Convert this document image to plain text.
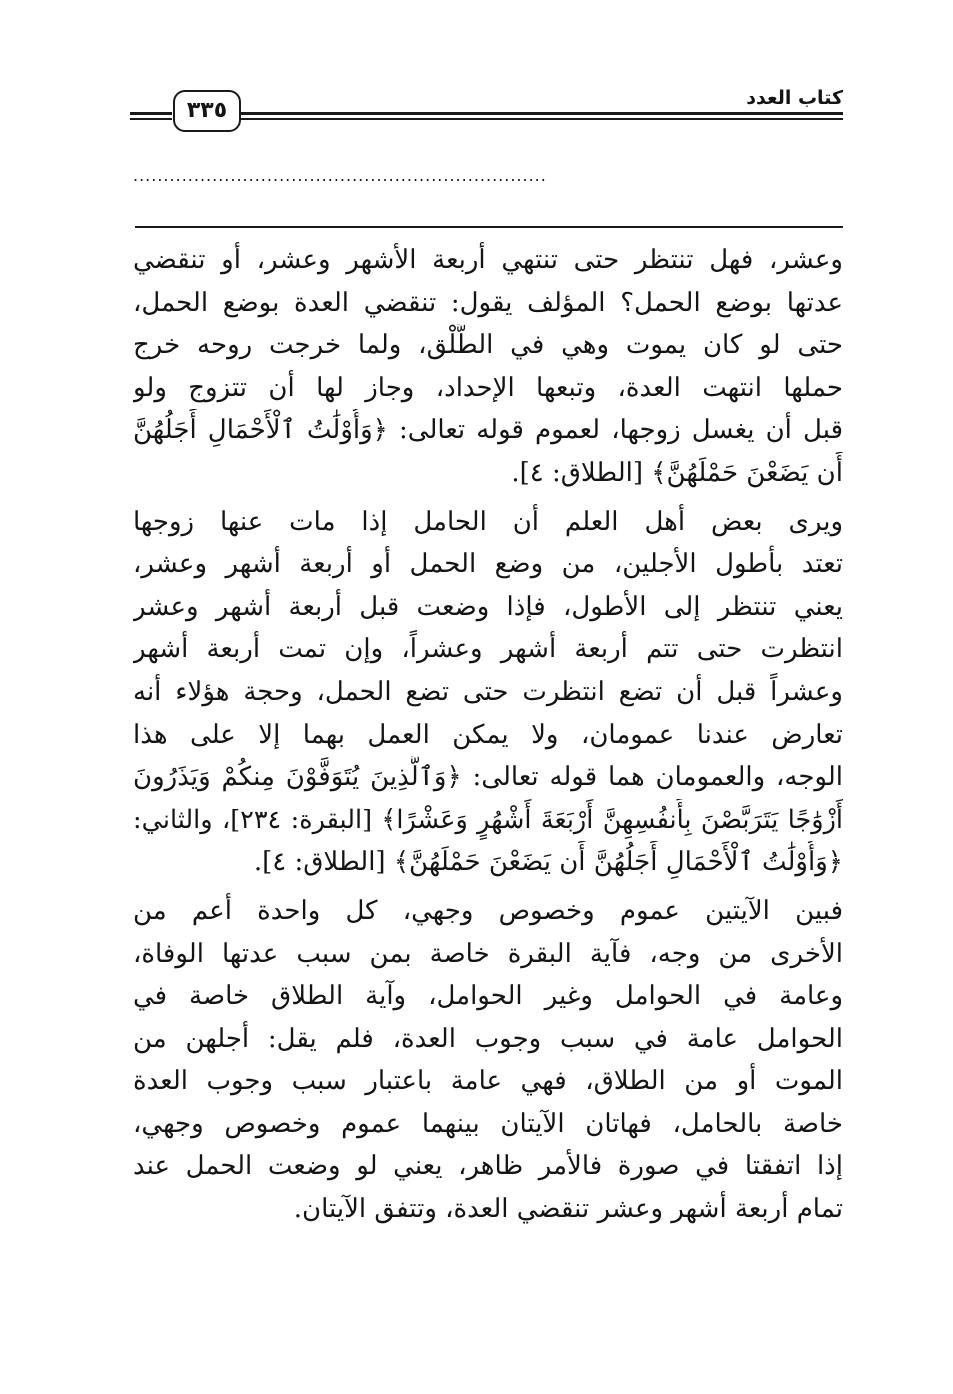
٣٣٥	كتاب العدد
....................................................................
وعشر، فهل تنتظر حتى تنتهي أربعة الأشهر وعشر، أو تنقضي
عدتها بوضع الحمل؟ المؤلف يقول: تنقضي العدة بوضع الحمل،
حتى لو كان يموت وهي في الطَّلْق، ولما خرجت روحه خرج
حملها انتهت العدة، وتبعها الإحداد، وجاز لها أن تتزوج ولو
قبل أن يغسل زوجها، لعموم قوله تعالى: ﴿وَأُوْلَٰتُ ٱلْأَحْمَالِ أَجَلُهُنَّ
أَن يَضَعْنَ حَمْلَهُنَّ﴾ [الطلاق: ٤].
ويرى بعض أهل العلم أن الحامل إذا مات عنها زوجها
تعتد بأطول الأجلين، من وضع الحمل أو أربعة أشهر وعشر،
يعني تنتظر إلى الأطول، فإذا وضعت قبل أربعة أشهر وعشر
انتظرت حتى تتم أربعة أشهر وعشراً، وإن تمت أربعة أشهر
وعشراً قبل أن تضع انتظرت حتى تضع الحمل، وحجة هؤلاء أنه
تعارض عندنا عمومان، ولا يمكن العمل بهما إلا على هذا
الوجه، والعمومان هما قوله تعالى: ﴿وَٱلَّذِينَ يُتَوَفَّوْنَ مِنكُمْ وَيَذَرُونَ
أَزْوَٰجًا يَتَرَبَّصْنَ بِأَنفُسِهِنَّ أَرْبَعَةَ أَشْهُرٍ وَعَشْرًا﴾ [البقرة: ٢٣٤]، والثاني:
﴿وَأُوْلَٰتُ ٱلْأَحْمَالِ أَجَلُهُنَّ أَن يَضَعْنَ حَمْلَهُنَّ﴾ [الطلاق: ٤].
فبين الآيتين عموم وخصوص وجهي، كل واحدة أعم من
الأخرى من وجه، فآية البقرة خاصة بمن سبب عدتها الوفاة،
وعامة في الحوامل وغير الحوامل، وآية الطلاق خاصة في
الحوامل عامة في سبب وجوب العدة، فلم يقل: أجلهن من
الموت أو من الطلاق، فهي عامة باعتبار سبب وجوب العدة
خاصة بالحامل، فهاتان الآيتان بينهما عموم وخصوص وجهي،
إذا اتفقتا في صورة فالأمر ظاهر، يعني لو وضعت الحمل عند
تمام أربعة أشهر وعشر تنقضي العدة، وتتفق الآيتان.
